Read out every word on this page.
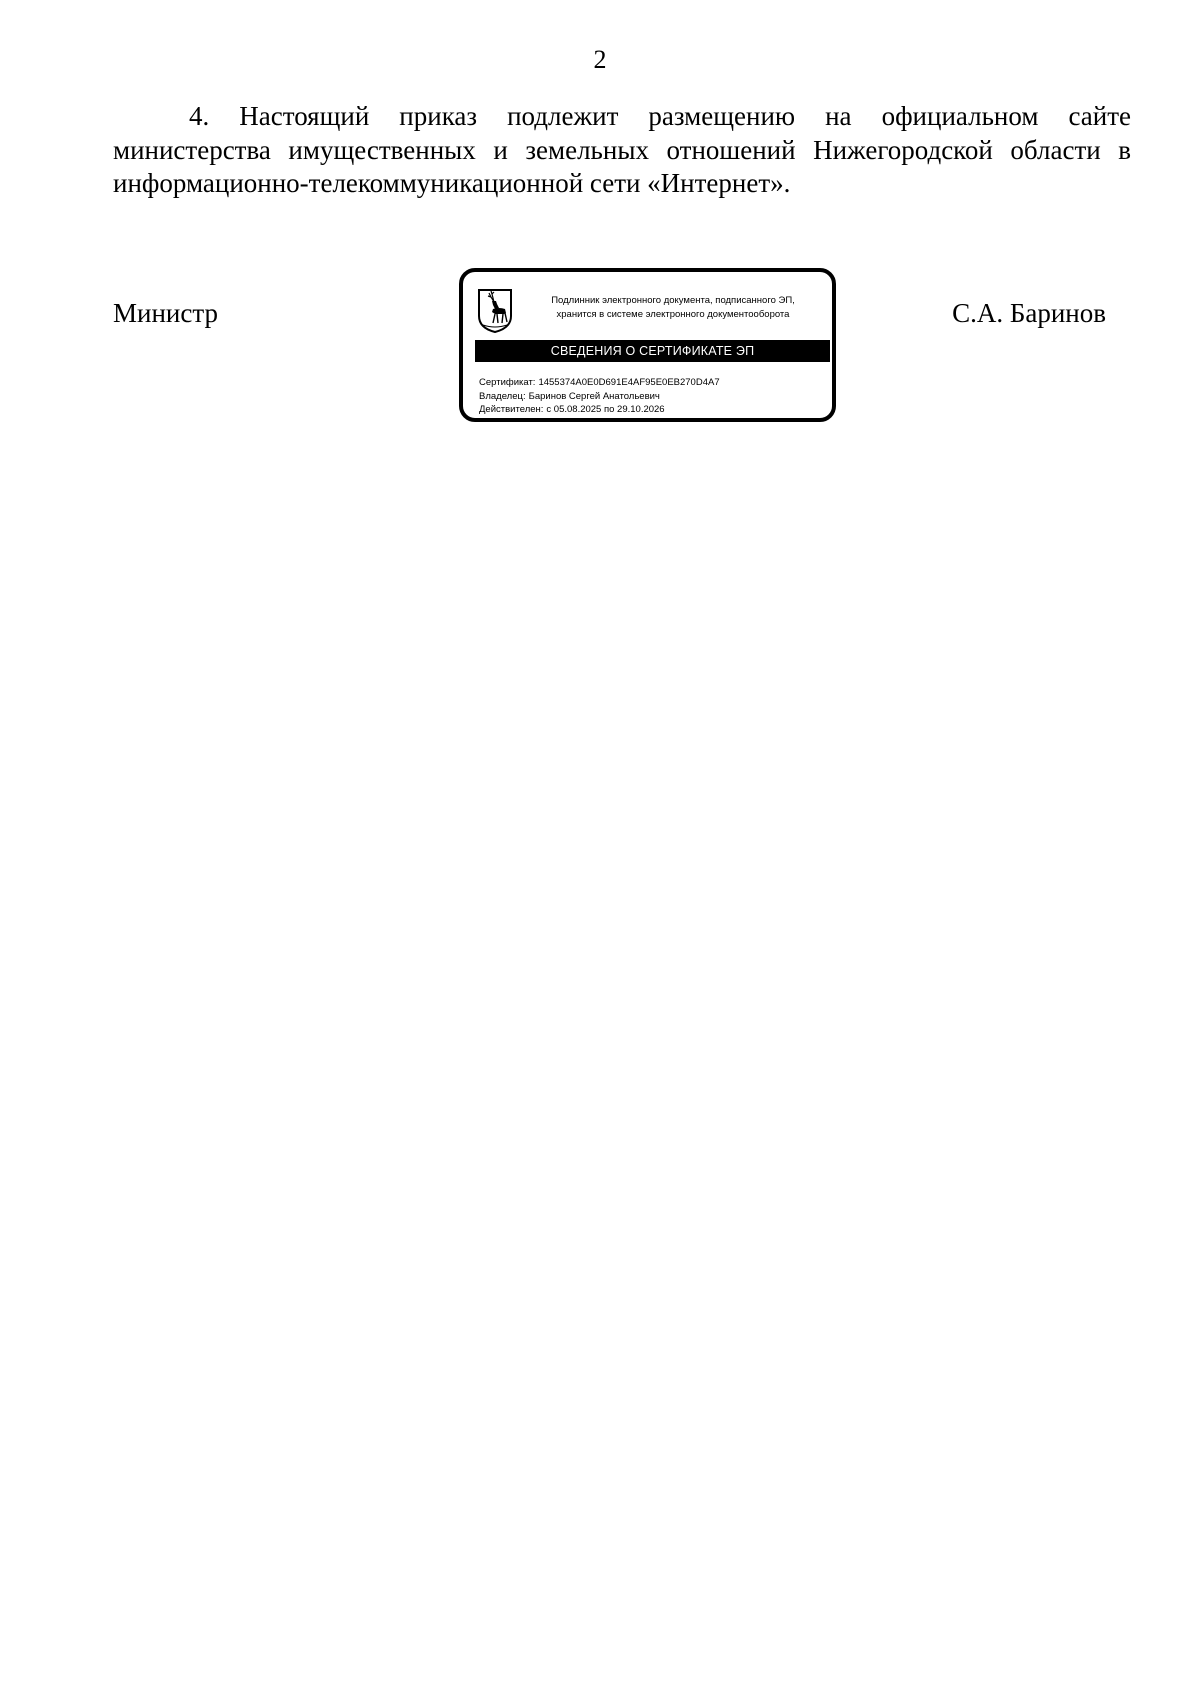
2

4. Настоящий приказ подлежит размещению на официальном сайте министерства имущественных и земельных отношений Нижегородской области в информационно-телекоммуникационной сети «Интернет».

Министр	Подлинник электронного документа, подписанного ЭП,
хранится в системе электронного документооборота
СВЕДЕНИЯ О СЕРТИФИКАТЕ ЭП
Сертификат: 1455374A0E0D691E4AF95E0EB270D4A7
Владелец: Баринов Сергей Анатольевич
Действителен: с 05.08.2025 по 29.10.2026
С.А. Баринов
